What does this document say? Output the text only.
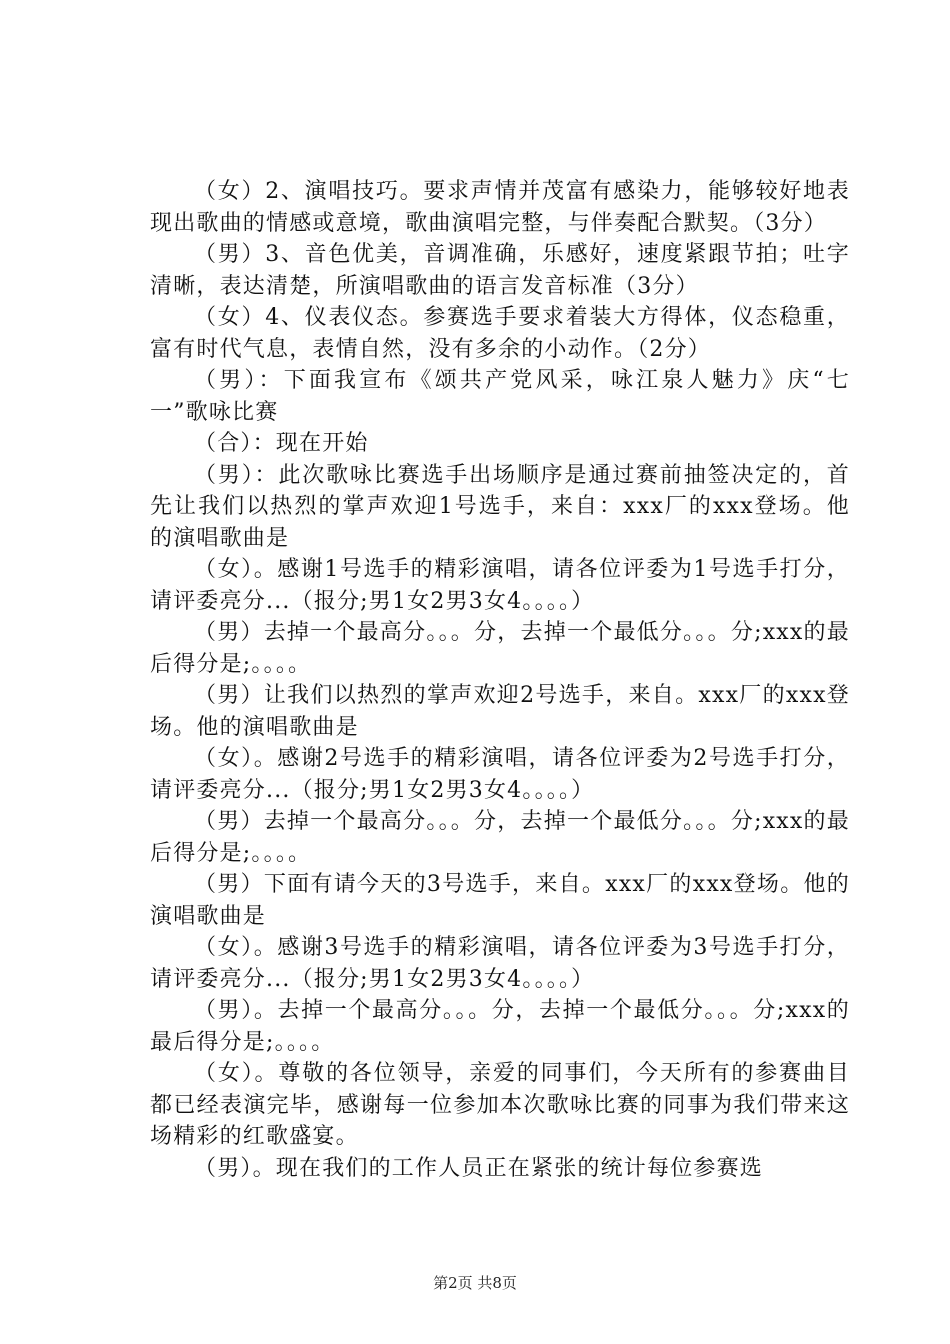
（女）2、演唱技巧。要求声情并茂富有感染力，能够较好地表现出歌曲的情感或意境，歌曲演唱完整，与伴奏配合默契。（3分）

（男）3、音色优美，音调准确，乐感好，速度紧跟节拍；吐字清晰，表达清楚，所演唱歌曲的语言发音标准（3分）

（女）4、仪表仪态。参赛选手要求着装大方得体，仪态稳重，富有时代气息，表情自然，没有多余的小动作。（2分）

（男）：下面我宣布《颂共产党风采，咏江泉人魅力》庆“七一”歌咏比赛

（合）：现在开始

（男）：此次歌咏比赛选手出场顺序是通过赛前抽签决定的，首先让我们以热烈的掌声欢迎1号选手，来自：xxx厂的xxx登场。他的演唱歌曲是

（女）。感谢1号选手的精彩演唱，请各位评委为1号选手打分，请评委亮分...（报分;男1女2男3女4。。。。）

（男）去掉一个最高分。。。分，去掉一个最低分。。。分;xxx的最后得分是;。。。。

（男）让我们以热烈的掌声欢迎2号选手，来自。xxx厂的xxx登场。他的演唱歌曲是

（女）。感谢2号选手的精彩演唱，请各位评委为2号选手打分，请评委亮分...（报分;男1女2男3女4。。。。）

（男）去掉一个最高分。。。分，去掉一个最低分。。。分;xxx的最后得分是;。。。。

（男）下面有请今天的3号选手，来自。xxx厂的xxx登场。他的演唱歌曲是

（女）。感谢3号选手的精彩演唱，请各位评委为3号选手打分，请评委亮分...（报分;男1女2男3女4。。。。）

（男）。去掉一个最高分。。。分，去掉一个最低分。。。分;xxx的最后得分是;。。。。

（女）。尊敬的各位领导，亲爱的同事们，今天所有的参赛曲目都已经表演完毕，感谢每一位参加本次歌咏比赛的同事为我们带来这场精彩的红歌盛宴。

（男）。现在我们的工作人员正在紧张的统计每位参赛选

第2页 共8页
